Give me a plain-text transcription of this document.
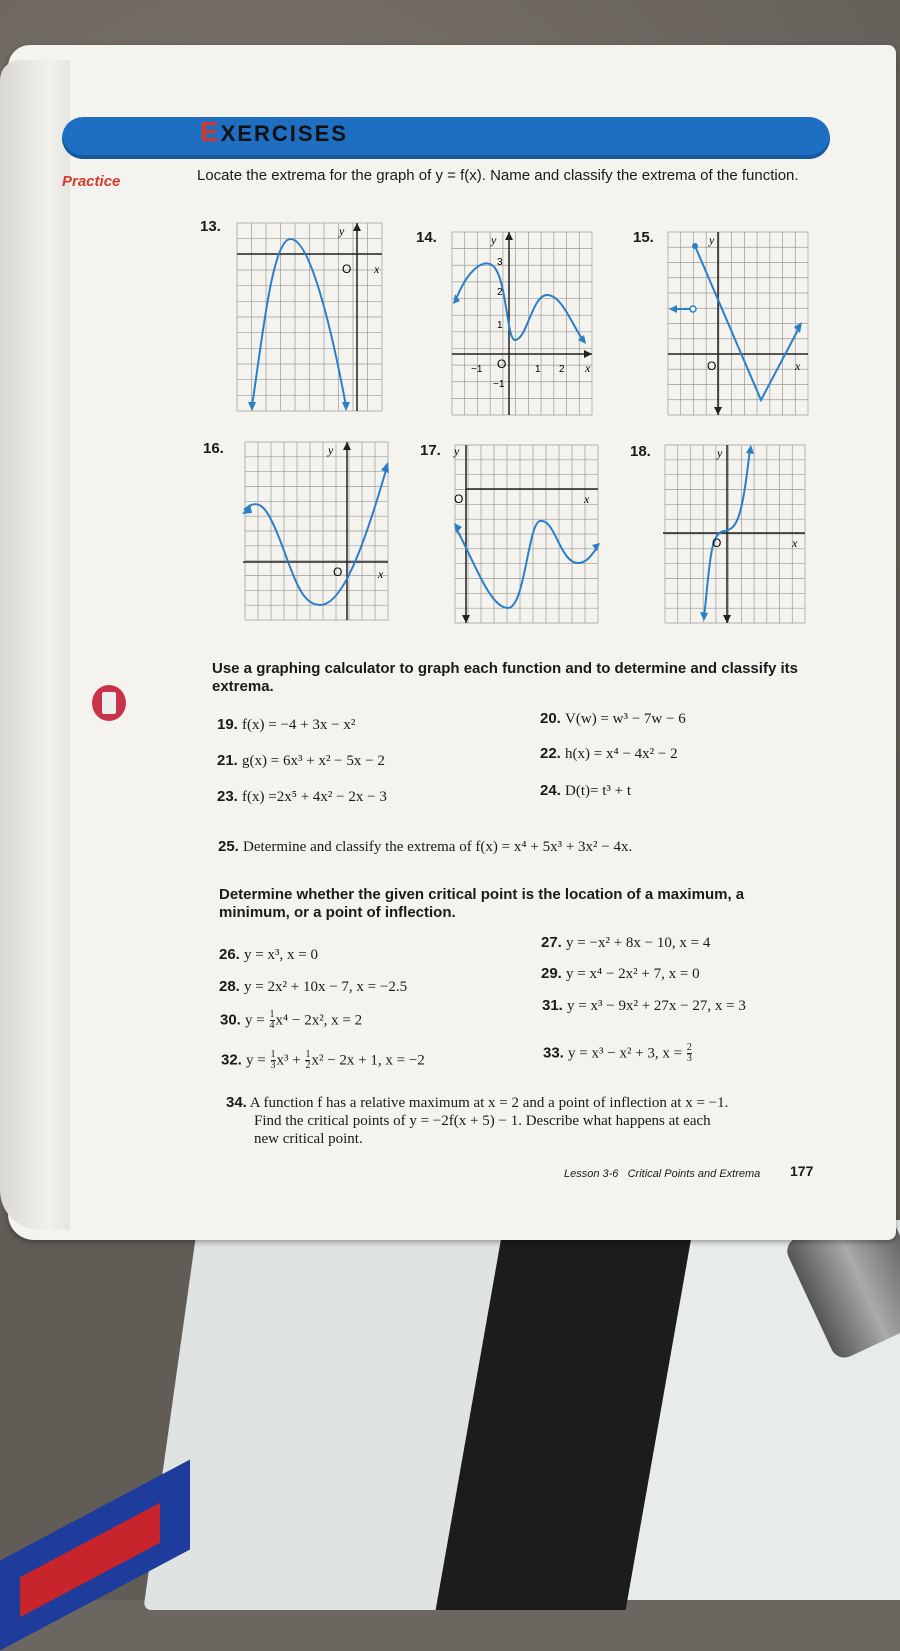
EXERCISES
Practice	Locate the extrema for the graph of y = f(x). Name and classify the extrema of the function.
13.
14.	15.
16.	17.	18.
y
O x
y
3
2
1
−1 O	1 2
−1
x
y
O	x
y
O	x
y
O	x
y
O	x
Use a graphing calculator to graph each function and to determine and classify its extrema.
19. f(x) = −4 + 3x − x²	20. V(w) = w³ − 7w − 6
21. g(x) = 6x³ + x² − 5x − 2	22. h(x) = x⁴ − 4x² − 2
23. f(x) =2x⁵ + 4x² − 2x − 3	24. D(t)= t³ + t
25. Determine and classify the extrema of f(x) = x⁴ + 5x³ + 3x² − 4x.
Determine whether the given critical point is the location of a maximum, a minimum, or a point of inflection.
26. y = x³, x = 0
27. y = −x² + 8x − 10, x = 4
28. y = 2x² + 10x − 7, x = −2.5
29. y = x⁴ − 2x² + 7, x = 0
30. $y = \frac{1}{4} x^4 - 2x^2$, x = 2
31. y = x³ − 9x² + 27x − 27, x = 3
32. $y = \frac{1}{3} x^3 + \frac{1}{2} x^2 - 2x + 1$, x = −2	33. y = x³ − x² + 3, $x = \frac{2}{3}$
34. A function f has a relative maximum at x = 2 and a point of inflection at x = −1.
Find the critical points of y = −2f(x + 5) − 1. Describe what happens at each
new critical point.
Lesson 3-6 Critical Points and Extrema 177
